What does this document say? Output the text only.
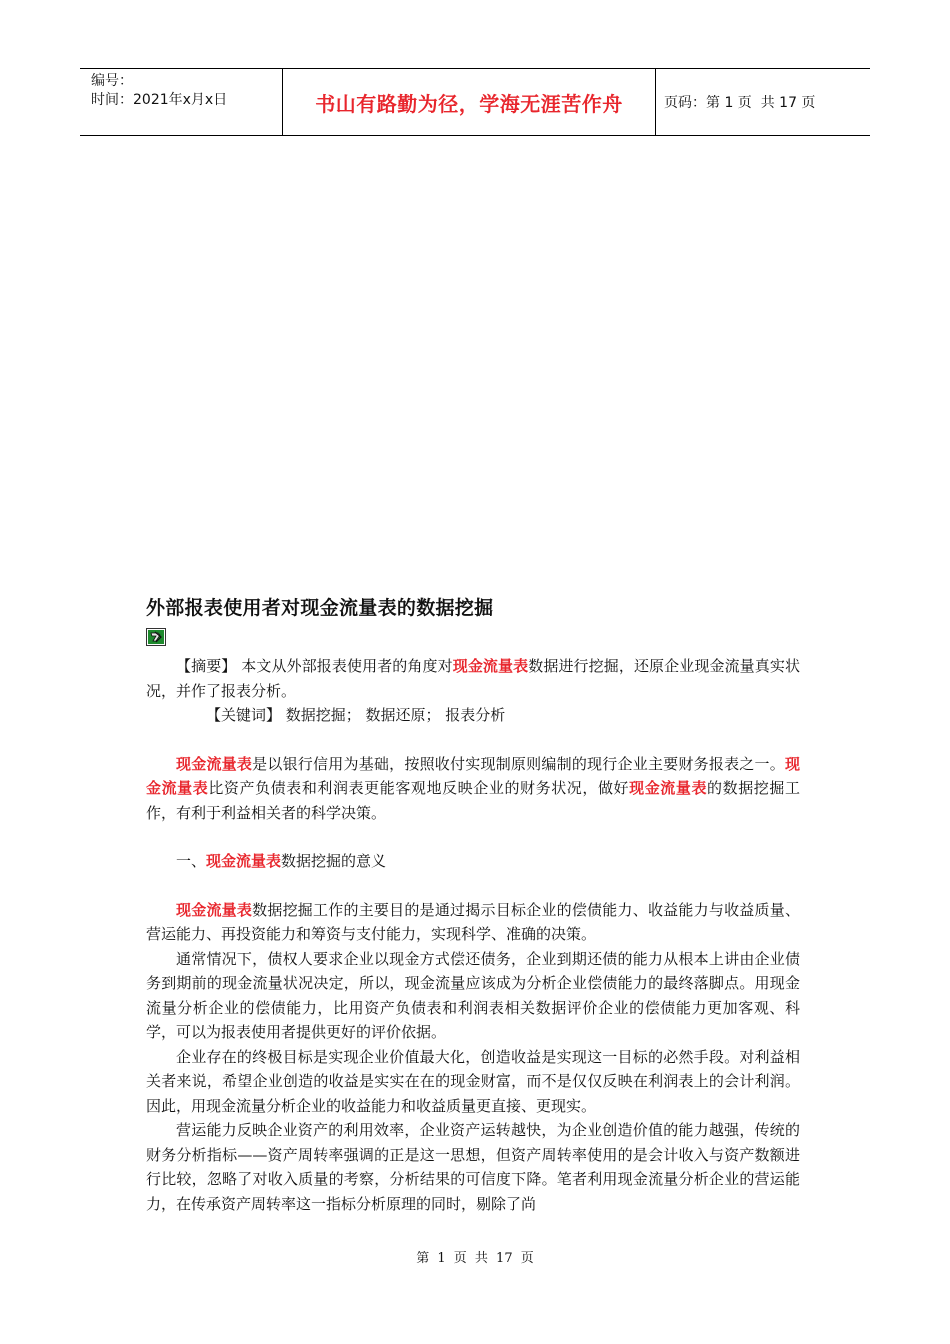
编号：
时间：2021年x月x日	书山有路勤为径，学海无涯苦作舟	页码：第 1 页  共 17 页
外部报表使用者对现金流量表的数据挖掘

【摘要】 本文从外部报表使用者的角度对现金流量表数据进行挖掘，还原企业现金流量真实状况，并作了报表分析。

【关键词】 数据挖掘； 数据还原； 报表分析

现金流量表是以银行信用为基础，按照收付实现制原则编制的现行企业主要财务报表之一。现金流量表比资产负债表和利润表更能客观地反映企业的财务状况，做好现金流量表的数据挖掘工作，有利于利益相关者的科学决策。

一、现金流量表数据挖掘的意义

现金流量表数据挖掘工作的主要目的是通过揭示目标企业的偿债能力、收益能力与收益质量、营运能力、再投资能力和筹资与支付能力，实现科学、准确的决策。

通常情况下，债权人要求企业以现金方式偿还债务，企业到期还债的能力从根本上讲由企业债务到期前的现金流量状况决定，所以，现金流量应该成为分析企业偿债能力的最终落脚点。用现金流量分析企业的偿债能力，比用资产负债表和利润表相关数据评价企业的偿债能力更加客观、科学，可以为报表使用者提供更好的评价依据。

企业存在的终极目标是实现企业价值最大化，创造收益是实现这一目标的必然手段。对利益相关者来说，希望企业创造的收益是实实在在的现金财富，而不是仅仅反映在利润表上的会计利润。因此，用现金流量分析企业的收益能力和收益质量更直接、更现实。

营运能力反映企业资产的利用效率，企业资产运转越快，为企业创造价值的能力越强，传统的财务分析指标——资产周转率强调的正是这一思想，但资产周转率使用的是会计收入与资产数额进行比较，忽略了对收入质量的考察，分析结果的可信度下降。笔者利用现金流量分析企业的营运能力，在传承资产周转率这一指标分析原理的同时，剔除了尚

第 1 页 共 17 页
